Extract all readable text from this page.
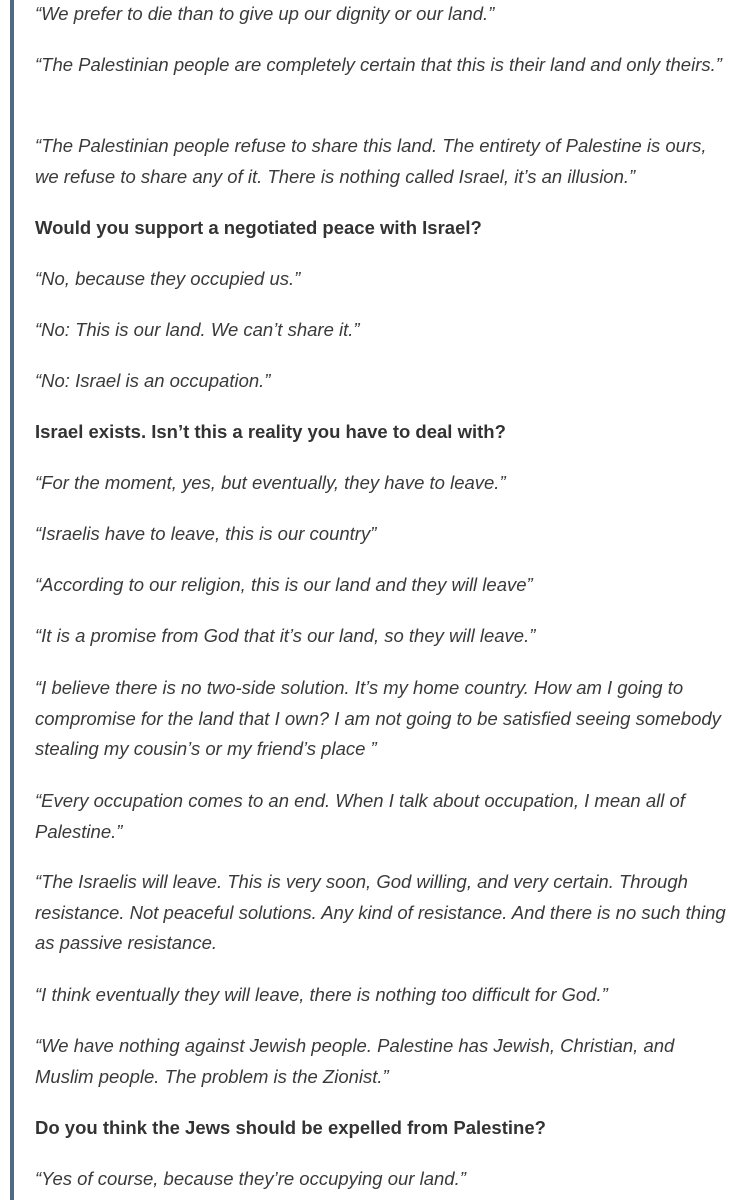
“We prefer to die than to give up our dignity or our land.”

“The Palestinian people are completely certain that this is their land and only theirs.”

“The Palestinian people refuse to share this land. The entirety of Palestine is ours, we refuse to share any of it. There is nothing called Israel, it’s an illusion.”

Would you support a negotiated peace with Israel?

“No, because they occupied us.”

“No: This is our land. We can’t share it.”

“No: Israel is an occupation.”

Israel exists. Isn’t this a reality you have to deal with?

“For the moment, yes, but eventually, they have to leave.”

“Israelis have to leave, this is our country”

“According to our religion, this is our land and they will leave”

“It is a promise from God that it’s our land, so they will leave.”

“I believe there is no two-side solution. It’s my home country. How am I going to compromise for the land that I own? I am not going to be satisfied seeing somebody stealing my cousin’s or my friend’s place ”

“Every occupation comes to an end. When I talk about occupation, I mean all of Palestine.”

“The Israelis will leave. This is very soon, God willing, and very certain. Through resistance. Not peaceful solutions. Any kind of resistance. And there is no such thing as passive resistance.

“I think eventually they will leave, there is nothing too difficult for God.”

“We have nothing against Jewish people. Palestine has Jewish, Christian, and Muslim people. The problem is the Zionist.”

Do you think the Jews should be expelled from Palestine?

“Yes of course, because they’re occupying our land.”
